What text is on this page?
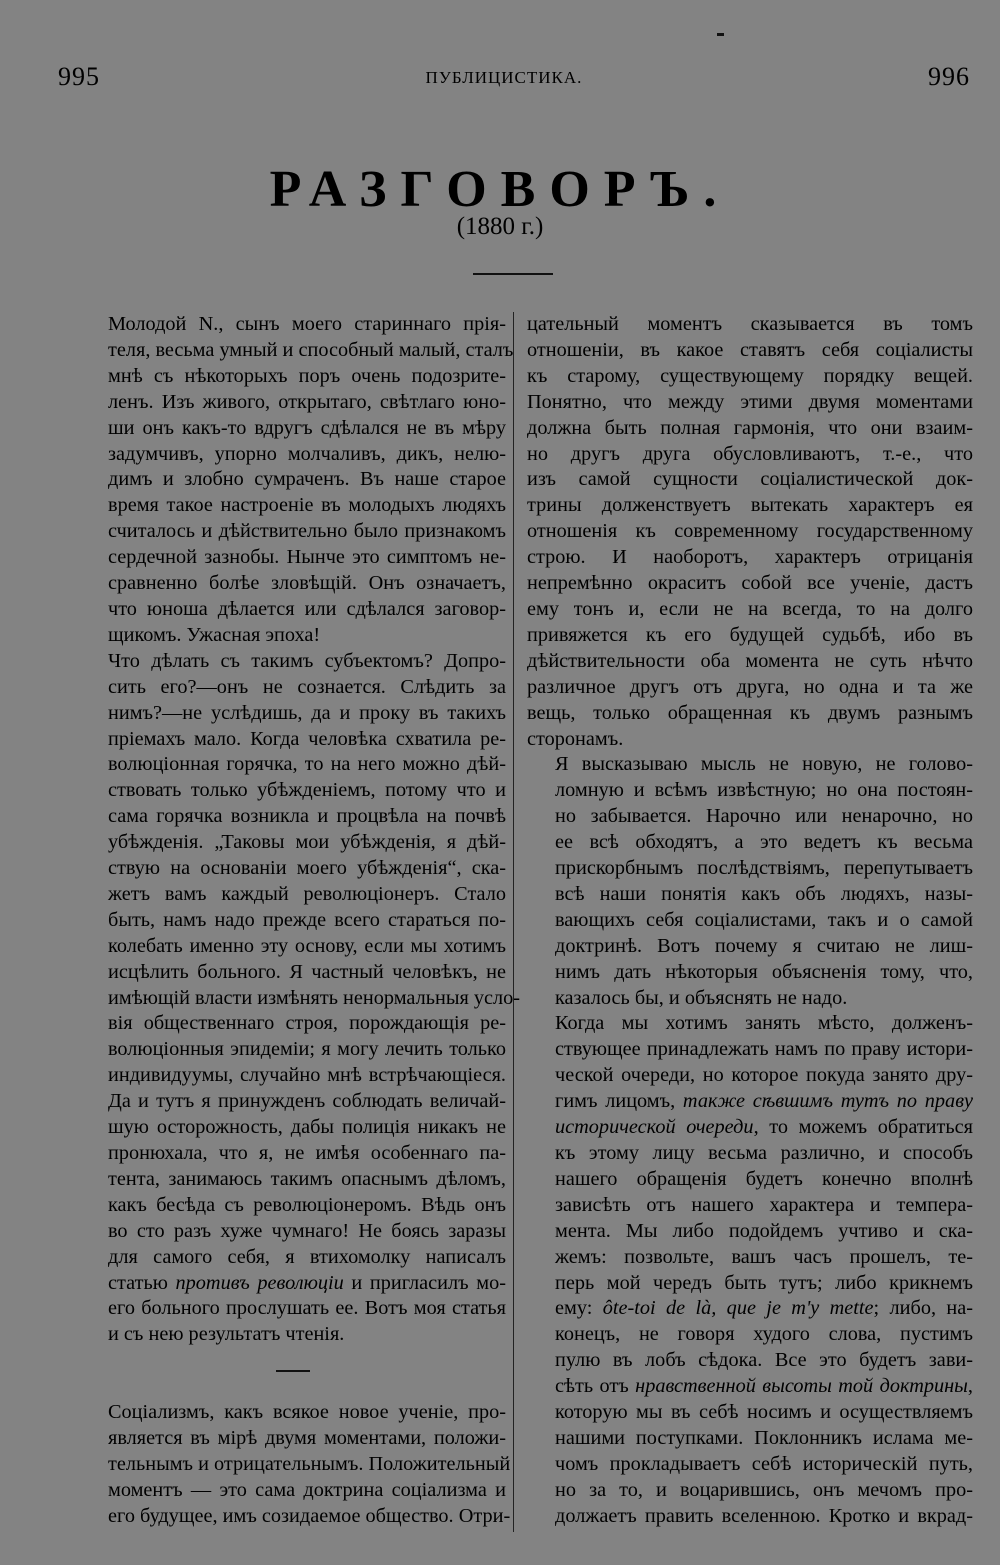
995	ПУБЛИЦИСТИКА.	996
РАЗГОВОРЪ.
(1880 г.)

Молодой N., сынъ моего стариннаго прія-
теля, весьма умный и способный малый, сталъ
мнѣ съ нѣкоторыхъ поръ очень подозрите-
ленъ. Изъ живого, открытаго, свѣтлаго юно-
ши онъ какъ-то вдругъ сдѣлался не въ мѣру
задумчивъ, упорно молчаливъ, дикъ, нелю-
димъ и злобно сумраченъ. Въ наше старое
время такое настроеніе въ молодыхъ людяхъ
считалось и дѣйствительно было признакомъ
сердечной зазнобы. Нынче это симптомъ не-
сравненно болѣе зловѣщій. Онъ означаетъ,
что юноша дѣлается или сдѣлался заговор-
щикомъ. Ужасная эпоха!

Что дѣлать съ такимъ субъектомъ? Допро-
сить его?—онъ не сознается. Слѣдить за
нимъ?—не услѣдишь, да и проку въ такихъ
пріемахъ мало. Когда человѣка схватила ре-
волюціонная горячка, то на него можно дѣй-
ствовать только убѣжденіемъ, потому что и
сама горячка возникла и процвѣла на почвѣ
убѣжденія. „Таковы мои убѣжденія, я дѣй-
ствую на основаніи моего убѣжденія“, ска-
жетъ вамъ каждый революціонеръ. Стало
быть, намъ надо прежде всего стараться по-
колебать именно эту основу, если мы хотимъ
исцѣлить больного. Я частный человѣкъ, не
имѣющій власти измѣнять ненормальныя усло-
вія общественнаго строя, порождающія ре-
волюціонныя эпидеміи; я могу лечить только
индивидуумы, случайно мнѣ встрѣчающіеся.
Да и тутъ я принужденъ соблюдать величай-
шую осторожность, дабы полиція никакъ не
пронюхала, что я, не имѣя особеннаго па-
тента, занимаюсь такимъ опаснымъ дѣломъ,
какъ бесѣда съ революціонеромъ. Вѣдь онъ
во сто разъ хуже чумнаго! Не боясь заразы
для самого себя, я втихомолку написалъ
статью противъ революціи и пригласилъ мо-
его больного прослушать ее. Вотъ моя статья
и съ нею результатъ чтенія.

Соціализмъ, какъ всякое новое ученіе, про-
является въ мірѣ двумя моментами, положи-
тельнымъ и отрицательнымъ. Положительный
моментъ — это сама доктрина соціализма и
его будущее, имъ созидаемое общество. Отри-

цательный моментъ сказывается въ томъ
отношеніи, въ какое ставятъ себя соціалисты
къ старому, существующему порядку вещей.
Понятно, что между этими двумя моментами
должна быть полная гармонія, что они взаим-
но другъ друга обусловливаютъ, т.-е., что
изъ самой сущности соціалистической док-
трины долженствуетъ вытекать характеръ ея
отношенія къ современному государственному
строю. И наоборотъ, характеръ отрицанія
непремѣнно окраситъ собой все ученіе, дастъ
ему тонъ и, если не на всегда, то на долго
привяжется къ его будущей судьбѣ, ибо въ
дѣйствительности оба момента не суть нѣчто
различное другъ отъ друга, но одна и та же
вещь, только обращенная къ двумъ разнымъ
сторонамъ.

Я высказываю мысль не новую, не голово-
ломную и всѣмъ извѣстную; но она постоян-
но забывается. Нарочно или ненарочно, но
ее всѣ обходятъ, а это ведетъ къ весьма
прискорбнымъ послѣдствіямъ, перепутываетъ
всѣ наши понятія какъ объ людяхъ, назы-
вающихъ себя соціалистами, такъ и о самой
доктринѣ. Вотъ почему я считаю не лиш-
нимъ дать нѣкоторыя объясненія тому, что,
казалось бы, и объяснять не надо.

Когда мы хотимъ занять мѣсто, долженъ-
ствующее принадлежать намъ по праву истори-
ческой очереди, но которое покуда занято дру-
гимъ лицомъ, также сѣвшимъ тутъ по праву
исторической очереди, то можемъ обратиться
къ этому лицу весьма различно, и способъ
нашего обращенія будетъ конечно вполнѣ
зависѣть отъ нашего характера и темпера-
мента. Мы либо подойдемъ учтиво и ска-
жемъ: позвольте, вашъ часъ прошелъ, те-
перь мой чередъ быть тутъ; либо крикнемъ
ему: ôte-toi de là, que je m'y mette; либо, на-
конецъ, не говоря худого слова, пустимъ
пулю въ лобъ сѣдока. Все это будетъ зави-
сѣть отъ нравственной высоты той доктрины,
которую мы въ себѣ носимъ и осуществляемъ
нашими поступками. Поклонникъ ислама ме-
чомъ прокладываетъ себѣ историческій путь,
но за то, и воцарившись, онъ мечомъ про-
должаетъ править вселенною. Кротко и вкрад-
